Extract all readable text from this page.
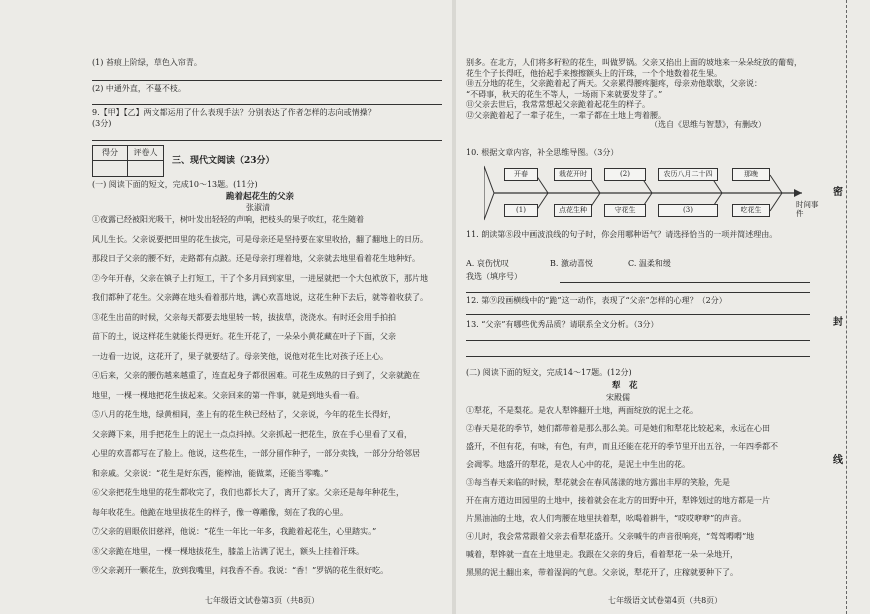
(1) 苔痕上阶绿，草色入帘青。
(2) 中通外直，不蔓不枝。
9.【甲】【乙】两文都运用了什么表现手法？分别表达了作者怎样的志向或情操？
(3分)
得分	评卷人
三、现代文阅读（23分）
(一) 阅读下面的短文，完成10～13题。(11分)
跪着起花生的父亲
张淑清
①夜露已经被阳光吸干，树叶发出轻轻的声响，把枝头的果子吹红，花生随着
风儿生长。父亲说要把田里的花生拔完，可是母亲还是坚持要在家里收拾，翻了翻地上的日历。
那段日子父亲的腰不好，走路都有点跛。还是母亲打理着地，父亲就去地里看着花生地种好。
②今年开春，父亲在镇子上打短工，干了个多月回到家里，一进屋就把一个大包袱放下，那片地
我们都种了花生。父亲蹲在地头看着那片地，满心欢喜地说，这花生种下去后，就等着收获了。
③花生出苗的时候，父亲每天都要去地里转一转，拔拔草，浇浇水。有时还会用手拍拍
苗下的土，说这样花生就能长得更好。花生开花了，一朵朵小黄花藏在叶子下面，父亲
一边看一边说，这花开了，果子就要结了。母亲笑他，说他对花生比对孩子还上心。
④后来，父亲的腰伤越来越重了，连直起身子都很困难。可花生成熟的日子到了，父亲就跪在
地里，一棵一棵地把花生拔起来。父亲回来的第一件事，就是到地头看一看。
⑤八月的花生地，绿黄相间，垄上有的花生秧已经枯了，父亲说，今年的花生长得好，
父亲蹲下来，用手把花生上的泥土一点点抖掉。父亲抓起一把花生，放在手心里看了又看，
心里的欢喜都写在了脸上。他说，这些花生，一部分留作种子，一部分卖钱，一部分分给邻居
和亲戚。父亲说：“花生是好东西，能榨油，能做菜，还能当零嘴。”
⑥父亲把花生地里的花生都收完了，我们也都长大了，离开了家。父亲还是每年种花生，
每年收花生。他跪在地里拔花生的样子，像一尊雕像，刻在了我的心里。
⑦父亲的眉眼依旧慈祥，他说：“花生一年比一年多，我跪着起花生，心里踏实。”
⑧父亲跪在地里，一棵一棵地拔花生，膝盖上沾满了泥土，额头上挂着汗珠。
⑨父亲剥开一颗花生，放到我嘴里，问我香不香。我说：“香！”罗锅的花生很好吃。
七年级语文试卷第3页（共8页）
别多。在北方，人们将多籽粒的花生，叫做罗锅。父亲又掐出上面的坡地来一朵朵绽放的葡萄，
花生个子长得旺，他抬起手来擦擦额头上的汗珠，一个个地数着花生果。
⑩五分地的花生，父亲跪着起了两天。父亲累得腰疼腿疼，母亲劝他歇歇，父亲说：
“不碍事，秋天的花生不等人，一场雨下来就要发芽了。”
⑪父亲去世后，我常常想起父亲跪着起花生的样子。
⑫父亲跪着起了一辈子花生，一辈子都在土地上弯着腰。
（选自《思维与智慧》，有删改）
10. 根据文章内容，补全思维导图。（3分）
开春	栽花开时	(2)	农历八月二十四	那晚
(1)	点花生种	守花生	(3)	吃花生
时间事件
11. 朗读第⑧段中画波浪线的句子时，你会用哪种语气？请选择恰当的一项并简述理由。
A. 哀伤忧叹	B. 激动喜悦	C. 温柔和缓
我选（填序号）
12. 第⑨段画横线中的“跪”这一动作，表现了“父亲”怎样的心理？（2分）
13. “父亲”有哪些优秀品质？请联系全文分析。（3分）
(二) 阅读下面的短文，完成14～17题。(12分)
犁　花
宋殿儒
①犁花，不是梨花。是农人犁铧翻开土地，两面绽放的泥土之花。
②春天是花的季节，她们都带着是那么那么美。可是她们和犁花比较起来，永远在心田
盛开，不但有花，有味，有色，有声，而且还能在花开的季节里开出五谷，一年四季都不
会凋零。地盛开的犁花，是农人心中的花，是泥土中生出的花。
③每当春天来临的时候，犁花就会在春风荡漾的地方露出丰厚的笑脸，先是
开在南方道边田园里的土地中，接着就会在北方的田野中开，犁铧划过的地方都是一片
片黑油油的土地，农人们弯腰在地里扶着犁，吆喝着耕牛，“哎哎咿咿”的声音。
④儿时，我会常常跟着父亲去看犁花盛开。父亲喊牛的声音很响亮，“驾驾嘚嘚”地
喊着，犁铧就一直在土地里走。我跟在父亲的身后，看着犁花一朵一朵地开，
黑黑的泥土翻出来，带着湿润的气息。父亲说，犁花开了，庄稼就要种下了。
七年级语文试卷第4页（共8页）
密
封
线
